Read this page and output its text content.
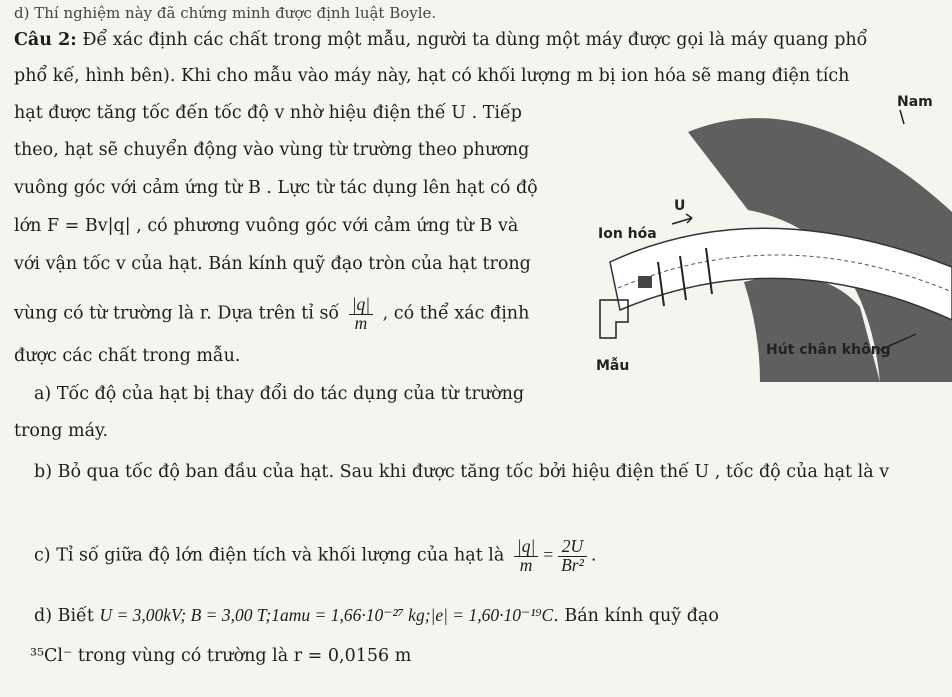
d) Thí nghiệm này đã chứng minh được định luật Boyle.
Câu 2: Để xác định các chất trong một mẫu, người ta dùng một máy được gọi là máy quang phổ
phổ kế, hình bên). Khi cho mẫu vào máy này, hạt có khối lượng m bị ion hóa sẽ mang điện tích
hạt được tăng tốc đến tốc độ v nhờ hiệu điện thế U . Tiếp
theo, hạt sẽ chuyển động vào vùng từ trường theo phương
vuông góc với cảm ứng từ B . Lực từ tác dụng lên hạt có độ
lớn F = Bv|q| , có phương vuông góc với cảm ứng từ B và
với vận tốc v của hạt. Bán kính quỹ đạo tròn của hạt trong
vùng có từ trường là r. Dựa trên tỉ số $\frac{|q|}{m}$ , có thể xác định
được các chất trong mẫu.
a) Tốc độ của hạt bị thay đổi do tác dụng của từ trường
trong máy.
b) Bỏ qua tốc độ ban đầu của hạt. Sau khi được tăng tốc bởi hiệu điện thế U , tốc độ của hạt là v
c) Tỉ số giữa độ lớn điện tích và khối lượng của hạt là $\frac{|q|}{m} = \frac{2U}{\text{Br²}}$ .
d) Biết U = 3,00kV; B = 3,00 T;1amu = 1,66·10⁻²⁷ kg;|e| = 1,60·10⁻¹⁹C. Bán kính quỹ đạo
³⁵Cl⁻ trong vùng có trường là r = 0,0156 m
Nam
U
Ion hóa
Mẫu
Hút chân không
